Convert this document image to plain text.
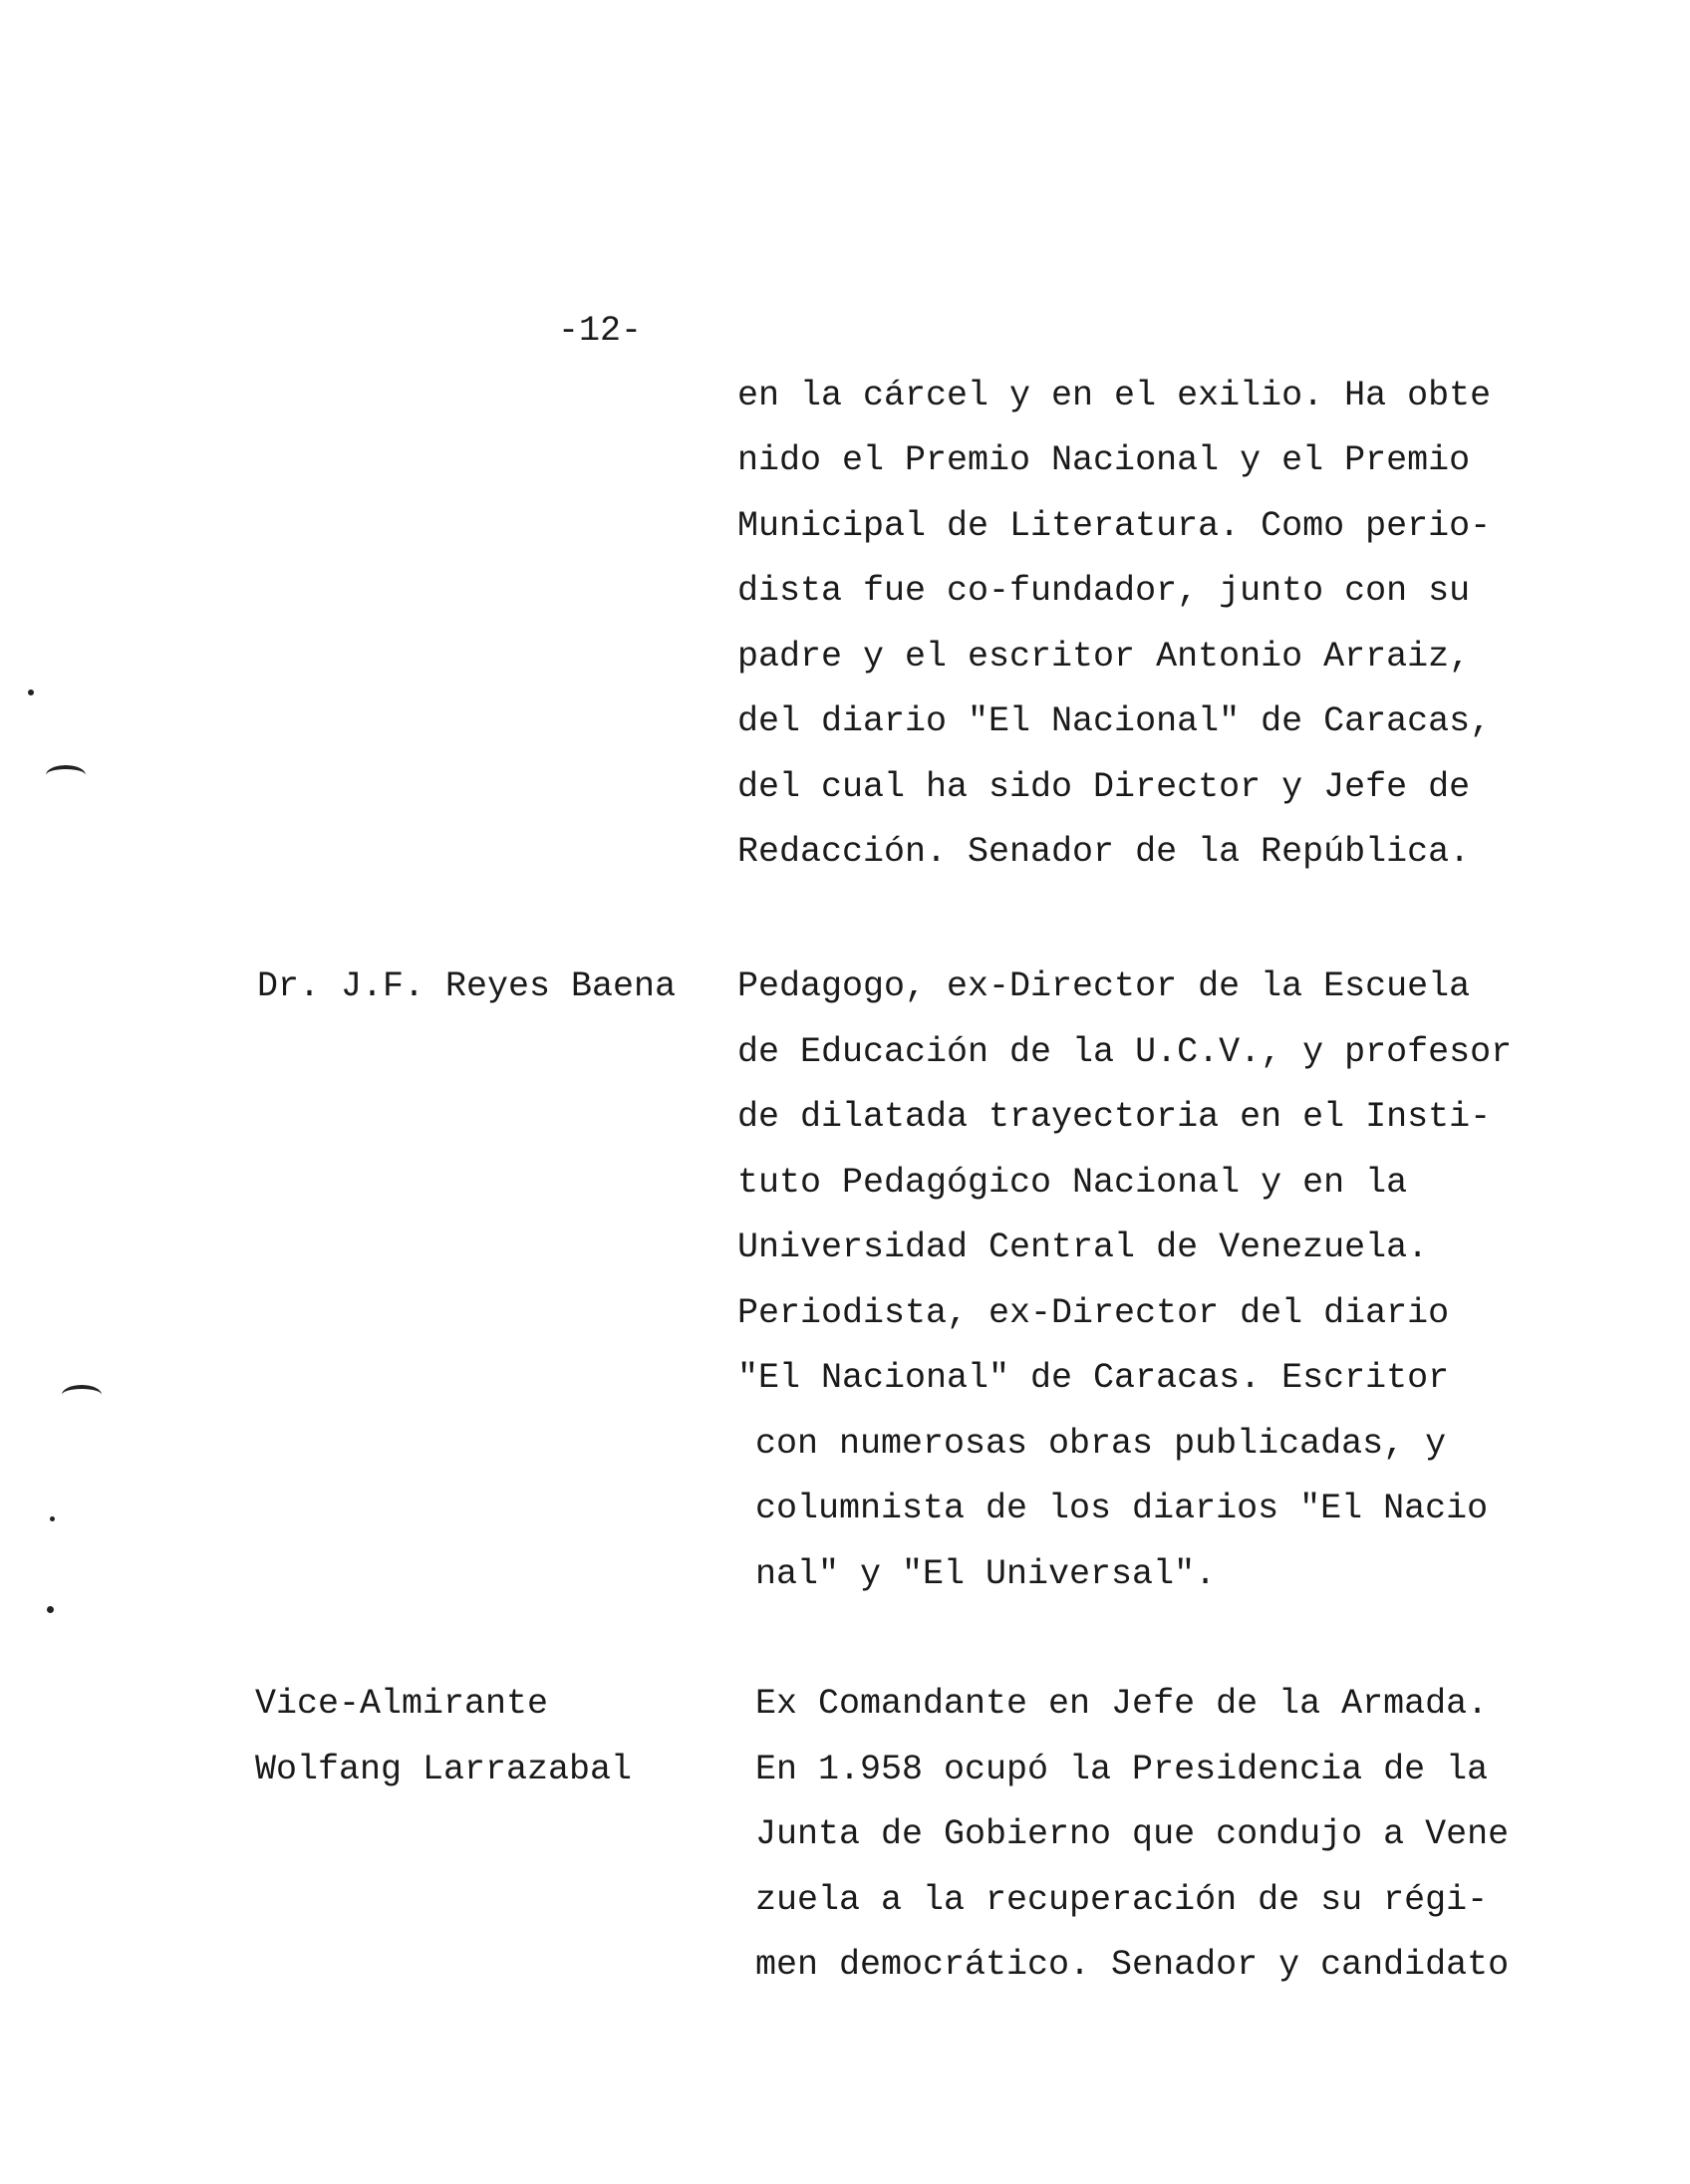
-12-
en la cárcel y en el exilio. Ha obte
nido el Premio Nacional y el Premio
Municipal de Literatura. Como perio-
dista fue co-fundador, junto con su
padre y el escritor Antonio Arraiz,
del diario "El Nacional" de Caracas,
del cual ha sido Director y Jefe de
Redacción. Senador de la República.
Dr. J.F. Reyes Baena Pedagogo, ex-Director de la Escuela
de Educación de la U.C.V., y profesor
de dilatada trayectoria en el Insti-
tuto Pedagógico Nacional y en la
Universidad Central de Venezuela.
Periodista, ex-Director del diario
"El Nacional" de Caracas. Escritor
con numerosas obras publicadas, y
columnista de los diarios "El Nacio
nal" y "El Universal".
Vice-Almirante
Wolfang Larrazabal
Ex Comandante en Jefe de la Armada.
En 1.958 ocupó la Presidencia de la
Junta de Gobierno que condujo a Vene
zuela a la recuperación de su régi-
men democrático. Senador y candidato
